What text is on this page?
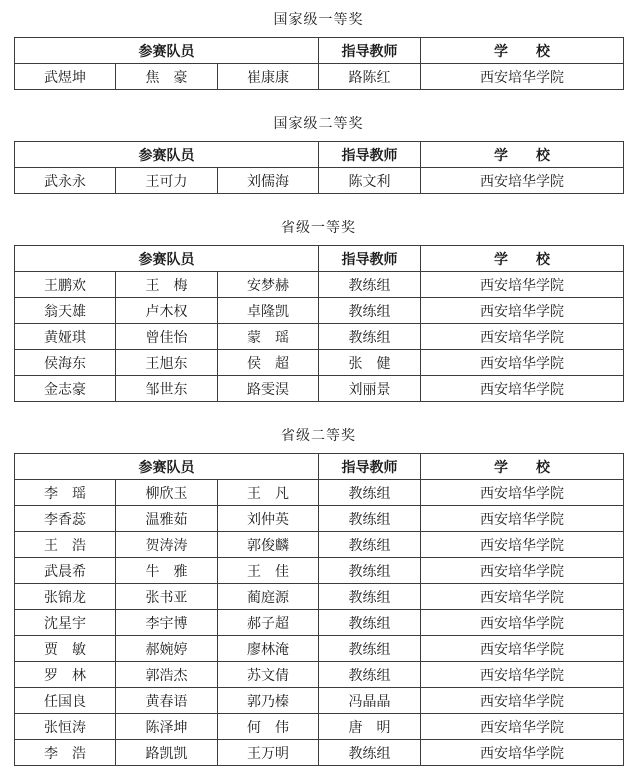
国家级一等奖
参赛队员			指导教师	学　　校
武煜坤	焦　豪	崔康康	路陈红	西安培华学院
国家级二等奖
参赛队员			指导教师	学　　校
武永永	王可力	刘儒海	陈文利	西安培华学院
省级一等奖
参赛队员			指导教师	学　　校
王鹏欢	王　梅	安梦赫	教练组	西安培华学院
翁天雄	卢木权	卓隆凯	教练组	西安培华学院
黄娅琪	曾佳怡	蒙　瑶	教练组	西安培华学院
侯海东	王旭东	侯　超	张　健	西安培华学院
金志豪	邹世东	路雯淏	刘丽景	西安培华学院
省级二等奖
参赛队员			指导教师	学　　校
李　瑶	柳欣玉	王　凡	教练组	西安培华学院
李香蕊	温雅茹	刘仲英	教练组	西安培华学院
王　浩	贺涛涛	郭俊麟	教练组	西安培华学院
武晨希	牛　雅	王　佳	教练组	西安培华学院
张锦龙	张书亚	蔺庭源	教练组	西安培华学院
沈星宇	李宇博	郝子超	教练组	西安培华学院
贾　敏	郝婉婷	廖林淹	教练组	西安培华学院
罗　林	郭浩杰	苏文倩	教练组	西安培华学院
任国良	黄春语	郭乃榛	冯晶晶	西安培华学院
张恒涛	陈泽坤	何　伟	唐　明	西安培华学院
李　浩	路凯凯	王万明	教练组	西安培华学院
